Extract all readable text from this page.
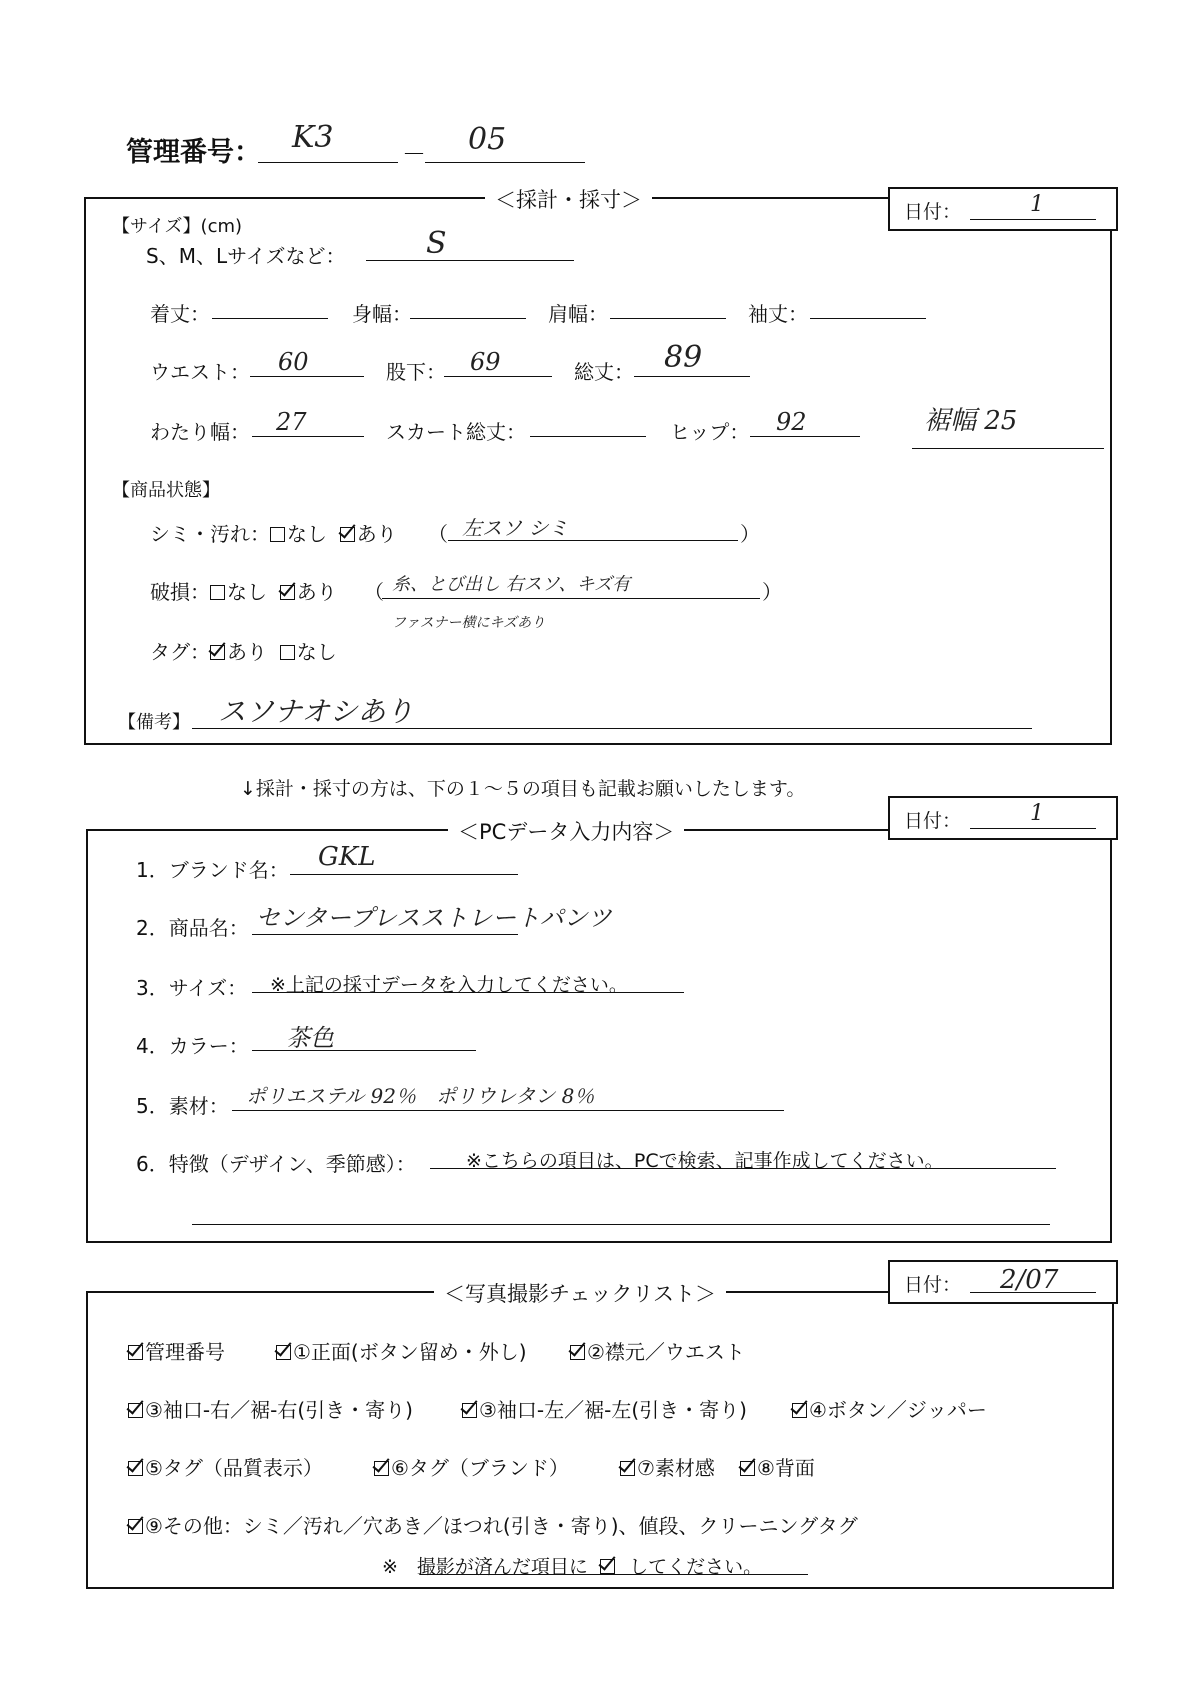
管理番号： K3	－ 05
＜採計・採寸＞	日付：	1
【サイズ】(cm)
S、M、Lサイズなど：	S
着丈：	身幅：	肩幅：	袖丈：
ウエスト： 60	股下： 69	総丈： 89
わたり幅： 27	スカート総丈：	ヒップ： 92	裾幅 25
【商品状態】
シミ・汚れ： なし あり （ 左スソ シミ	）
破損： なし あり （ 糸、とび出し 右スソ、キズ有	）
ファスナー横にキズあり
タグ： あり なし
【備考】 スソナオシあり
↓採計・採寸の方は、下の１～５の項目も記載お願いしたします。
＜PCデータ入力内容＞	日付：	1
1．ブランド名： GKL
2．商品名： センタープレスストレートパンツ
3．サイズ： ※上記の採寸データを入力してください。
4．カラー： 茶色
5．素材： ポリエステル 92％　ポリウレタン 8％
6．特徴（デザイン、季節感）：	※こちらの項目は、PCで検索、記事作成してください。
＜写真撮影チェックリスト＞	日付： 2/07
管理番号	①正面(ボタン留め・外し)	②襟元／ウエスト
③袖口-右／裾-右(引き・寄り)	③袖口-左／裾-左(引き・寄り)	④ボタン／ジッパー
⑤タグ（品質表示）	⑥タグ（ブランド）	⑦素材感	⑧背面
⑨その他：シミ／汚れ／穴あき／ほつれ(引き・寄り)、値段、クリーニングタグ
※　撮影が済んだ項目に してください。
